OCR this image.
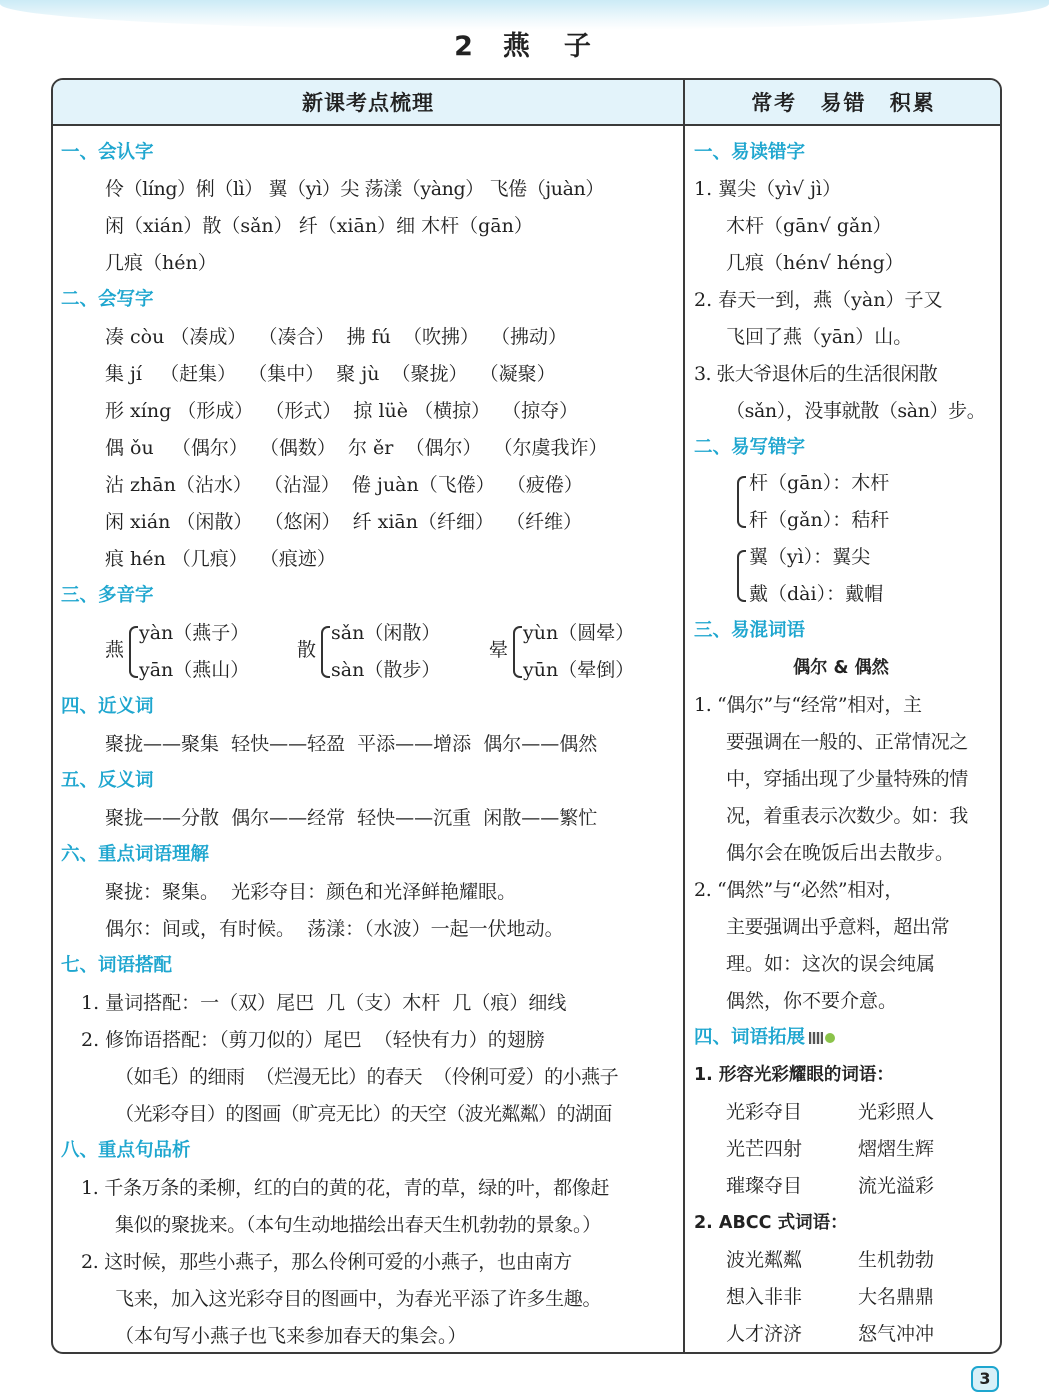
2 燕 子
新课考点梳理	常考 易错 积累
一、会认字
伶（líng）俐（lì） 翼（yì）尖 荡漾（yàng） 飞倦（juàn）
闲（xián）散（sǎn） 纤（xiān）细 木杆（gān）
几痕（hén）
二、会写字
凑 còu （凑成）  （凑合）  拂 fú  （吹拂）  （拂动）
集 jí   （赶集）  （集中）  聚 jù  （聚拢）  （凝聚）
形 xíng （形成）  （形式）  掠 lüè （横掠）  （掠夺）
偶 ǒu   （偶尔）  （偶数）  尔 ěr  （偶尔）  （尔虞我诈）
沾 zhān（沾水）  （沾湿）  倦 juàn（飞倦）  （疲倦）
闲 xián （闲散）  （悠闲）  纤 xiān（纤细）  （纤维）
痕 hén （几痕）  （痕迹）
三、多音字
燕
yàn（燕子）
yān（燕山）
散
sǎn（闲散）
sàn（散步）
晕
yùn（圆晕）
yūn（晕倒）
四、近义词
聚拢——聚集  轻快——轻盈  平添——增添  偶尔——偶然
五、反义词
聚拢——分散  偶尔——经常  轻快——沉重  闲散——繁忙
六、重点词语理解
聚拢：聚集。  光彩夺目：颜色和光泽鲜艳耀眼。
偶尔：间或，有时候。  荡漾：（水波）一起一伏地动。
七、词语搭配
1. 量词搭配：一（双）尾巴  几（支）木杆  几（痕）细线
2. 修饰语搭配：（剪刀似的）尾巴  （轻快有力）的翅膀
（如毛）的细雨  （烂漫无比）的春天  （伶俐可爱）的小燕子
（光彩夺目）的图画（旷亮无比）的天空（波光粼粼）的湖面
八、重点句品析
1. 千条万条的柔柳，红的白的黄的花，青的草，绿的叶，都像赶
集似的聚拢来。（本句生动地描绘出春天生机勃勃的景象。）
2. 这时候，那些小燕子，那么伶俐可爱的小燕子，也由南方
飞来，加入这光彩夺目的图画中，为春光平添了许多生趣。
（本句写小燕子也飞来参加春天的集会。）
一、易读错字
1. 翼尖（yì√ jì）
木杆（gān√ gǎn）
几痕（hén√ héng）
2. 春天一到，燕（yàn）子又
飞回了燕（yān）山。
3. 张大爷退休后的生活很闲散
（sǎn），没事就散（sàn）步。
二、易写错字
杆（gān）：木杆
秆（gǎn）：秸秆
翼（yì）：翼尖
戴（dài）：戴帽
三、易混词语
偶尔 & 偶然
1. “偶尔”与“经常”相对，主
要强调在一般的、正常情况之
中，穿插出现了少量特殊的情
况，着重表示次数少。如：我
偶尔会在晚饭后出去散步。
2. “偶然”与“必然”相对，
主要强调出乎意料，超出常
理。如：这次的误会纯属
偶然，你不要介意。
四、词语拓展
1. 形容光彩耀眼的词语：
光彩夺目	光彩照人
光芒四射	熠熠生辉
璀璨夺目	流光溢彩
2. ABCC 式词语：
波光粼粼	生机勃勃
想入非非	大名鼎鼎
人才济济	怒气冲冲
3
